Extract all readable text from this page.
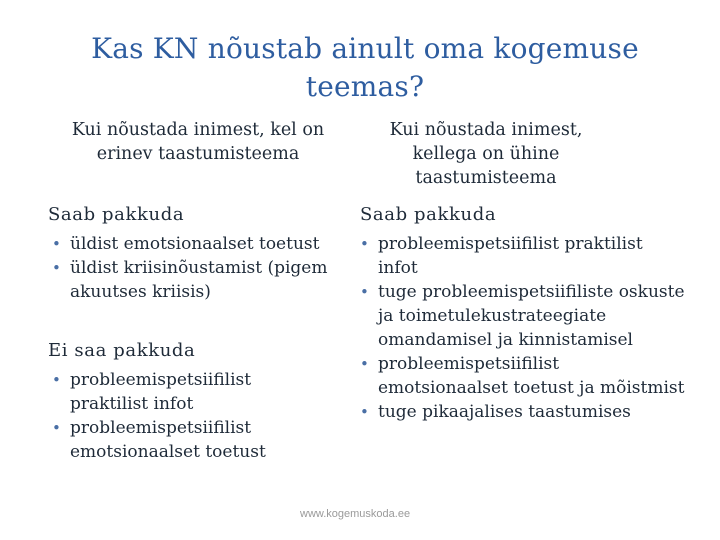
Kas KN nõustab ainult oma kogemuse teemas?
Kui nõustada inimest, kel on erinev taastumisteema
Kui nõustada inimest, kellega on ühine taastumisteema
Saab pakkuda
• üldist emotsionaalset toetust
• üldist kriisinõustamist (pigem akuutses kriisis)
Ei saa pakkuda
• probleemispetsiifilist praktilist infot
• probleemispetsiifilist emotsionaalset toetust
Saab pakkuda
• probleemispetsiifilist praktilist infot
• tuge probleemispetsiifiliste oskuste ja toimetulekustrateegiate omandamisel ja kinnistamisel
• probleemispetsiifilist emotsionaalset toetust ja mõistmist
• tuge pikaajalises taastumises
www.kogemuskoda.ee
